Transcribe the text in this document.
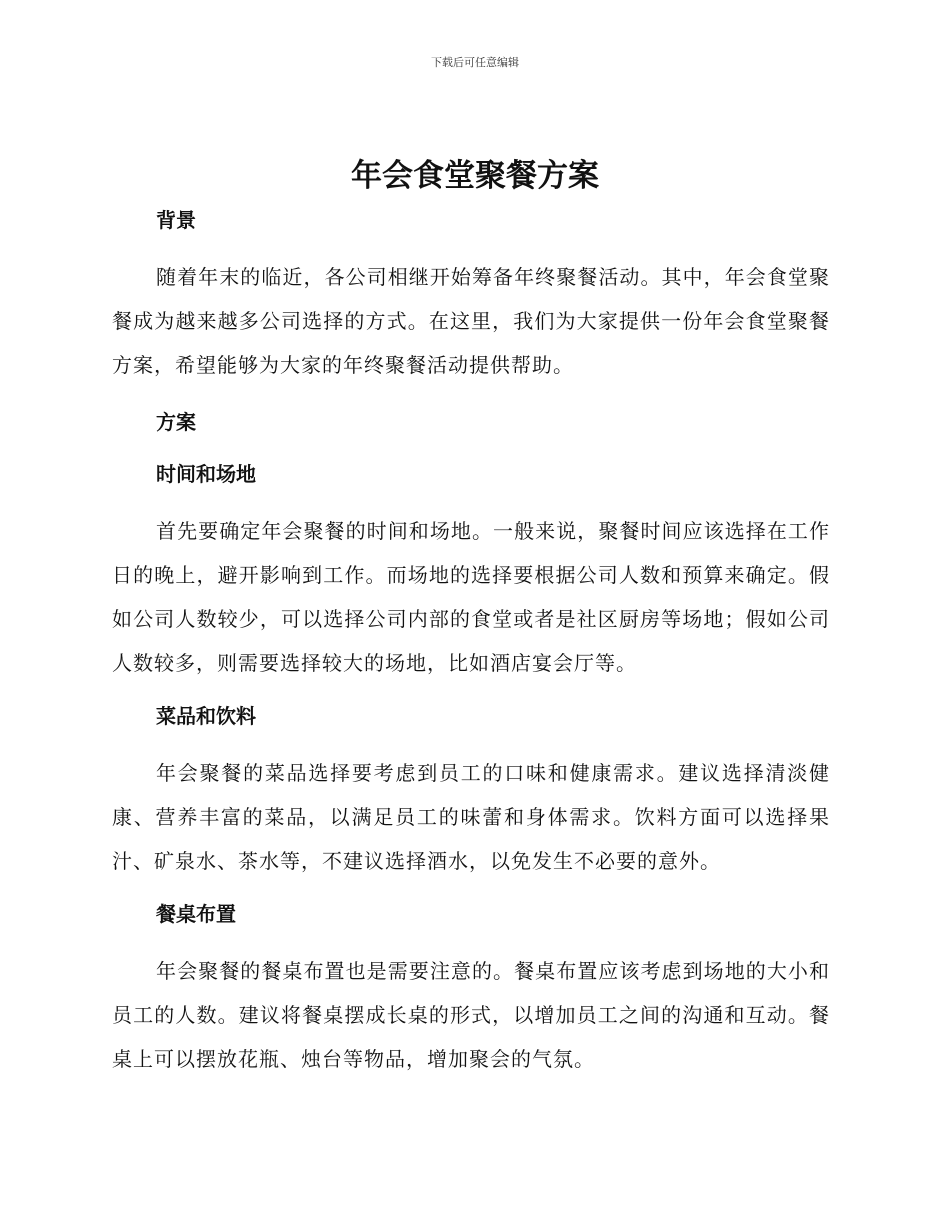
下载后可任意编辑
年会食堂聚餐方案
背景

随着年末的临近，各公司相继开始筹备年终聚餐活动。其中，年会食堂聚餐成为越来越多公司选择的方式。在这里，我们为大家提供一份年会食堂聚餐方案，希望能够为大家的年终聚餐活动提供帮助。

方案
时间和场地

首先要确定年会聚餐的时间和场地。一般来说，聚餐时间应该选择在工作日的晚上，避开影响到工作。而场地的选择要根据公司人数和预算来确定。假如公司人数较少，可以选择公司内部的食堂或者是社区厨房等场地；假如公司人数较多，则需要选择较大的场地，比如酒店宴会厅等。

菜品和饮料

年会聚餐的菜品选择要考虑到员工的口味和健康需求。建议选择清淡健康、营养丰富的菜品，以满足员工的味蕾和身体需求。饮料方面可以选择果汁、矿泉水、茶水等，不建议选择酒水，以免发生不必要的意外。

餐桌布置

年会聚餐的餐桌布置也是需要注意的。餐桌布置应该考虑到场地的大小和员工的人数。建议将餐桌摆成长桌的形式，以增加员工之间的沟通和互动。餐桌上可以摆放花瓶、烛台等物品，增加聚会的气氛。
